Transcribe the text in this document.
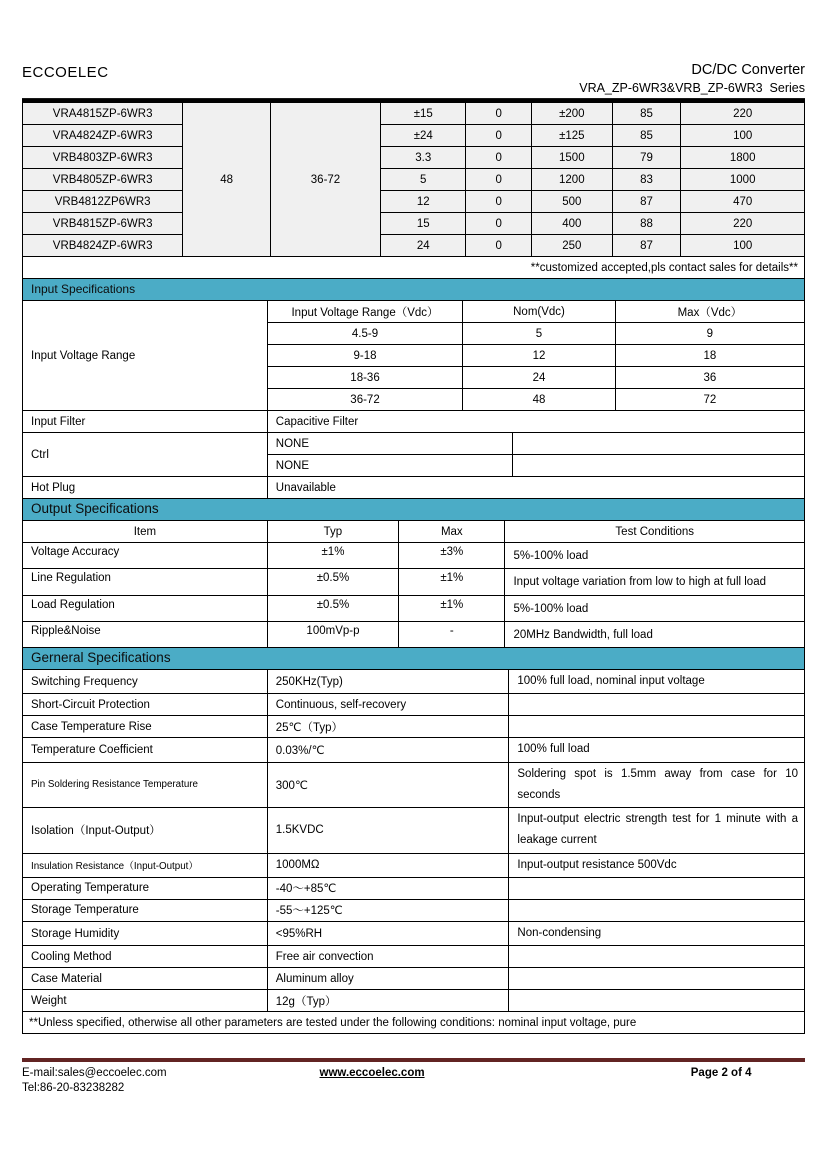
ECCOELEC	DC/DC Converter
VRA_ZP-6WR3&VRB_ZP-6WR3  Series
VRA4815ZP-6WR3	48	36-72	±15	0	±200	85	220
VRA4824ZP-6WR3			±24	0	±125	85	100
VRB4803ZP-6WR3			3.3	0	1500	79	1800
VRB4805ZP-6WR3			5	0	1200	83	1000
VRB4812ZP6WR3			12	0	500	87	470
VRB4815ZP-6WR3			15	0	400	88	220
VRB4824ZP-6WR3			24	0	250	87	100
**customized accepted,pls contact sales for details**							
Input Specifications
Input Voltage Range	Input Voltage Range（Vdc）	Nom(Vdc)	Max（Vdc）
	4.5-9	5	9
	9-18	12	18
	18-36	24	36
	36-72	48	72
Input Filter	Capacitive Filter	
Ctrl	NONE	
	NONE	
Hot Plug	Unavailable	
Output Specifications
Item	Typ	Max	Test Conditions
Voltage Accuracy	±1%	±3%	5%-100% load
Line Regulation	±0.5%	±1%	Input voltage variation from low to high at full load
Load Regulation	±0.5%	±1%	5%-100% load
Ripple&Noise	100mVp-p	-	20MHz Bandwidth, full load
Gerneral Specifications
Switching Frequency	250KHz(Typ)	100% full load, nominal input voltage
Short-Circuit Protection	Continuous, self-recovery	
Case Temperature Rise	25℃（Typ）	
Temperature Coefficient	0.03%/℃	100% full load
Pin Soldering Resistance Temperature	300℃	Soldering spot is 1.5mm away from case for 10 seconds
Isolation（Input-Output）	1.5KVDC	Input-output electric strength test for 1 minute with a leakage current
Insulation Resistance（Input-Output）	1000MΩ	Input-output resistance 500Vdc
Operating Temperature	-40～+85℃	
Storage Temperature	-55～+125℃	
Storage Humidity	<95%RH	Non-condensing
Cooling Method	Free air convection	
Case Material	Aluminum alloy	
Weight	12g（Typ）	
**Unless specified, otherwise all other parameters are tested under the following conditions: nominal input voltage, pure		
E-mail:sales@eccoelec.com
Tel:86-20-83238282
www.eccoelec.com	Page 2 of 4
